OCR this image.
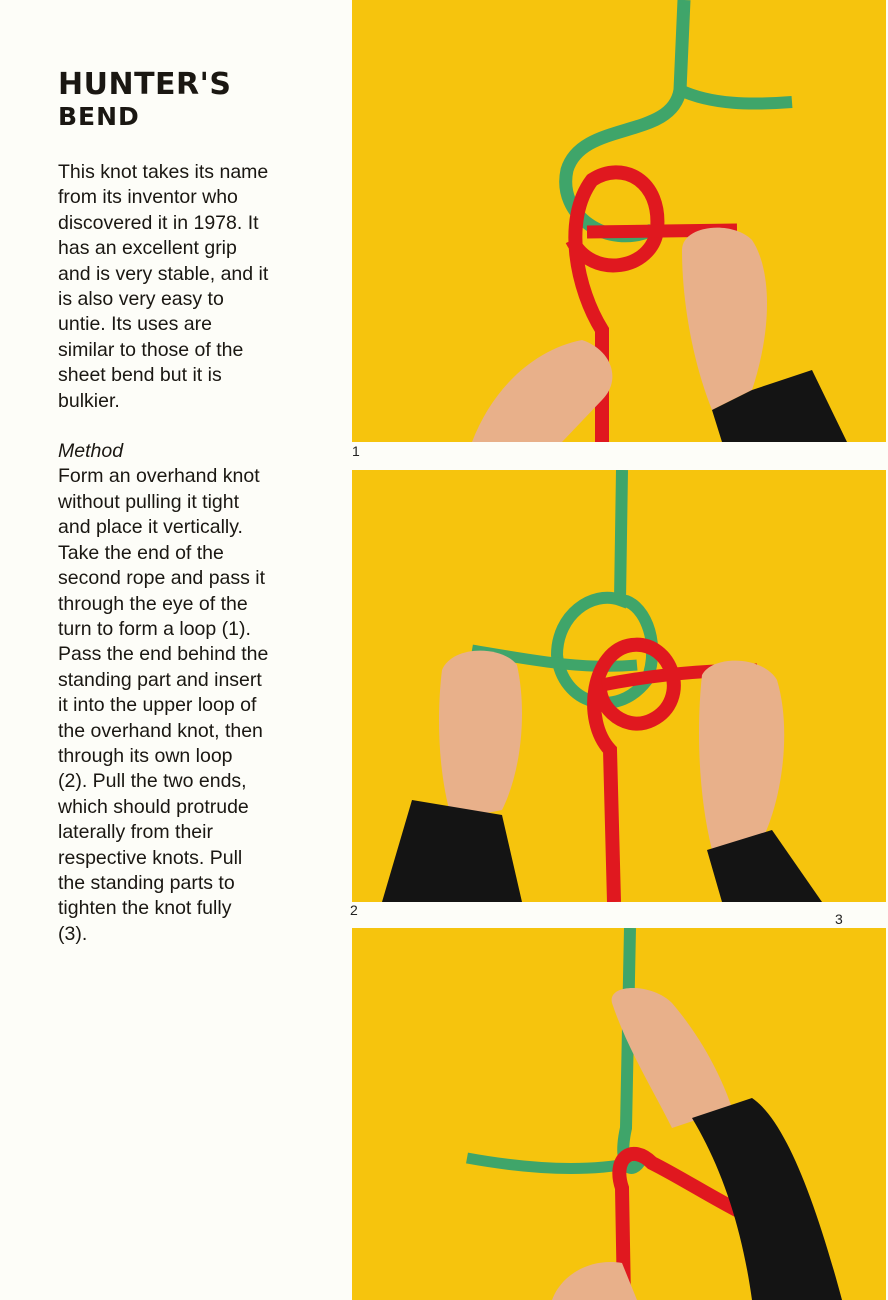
HUNTER'S
BEND
This knot takes its name
from its inventor who
discovered it in 1978. It
has an excellent grip
and is very stable, and it
is also very easy to
untie. Its uses are
similar to those of the
sheet bend but it is
bulkier.
Method
Form an overhand knot
without pulling it tight
and place it vertically.
Take the end of the
second rope and pass it
through the eye of the
turn to form a loop (1).
Pass the end behind the
standing part and insert
it into the upper loop of
the overhand knot, then
through its own loop
(2). Pull the two ends,
which should protrude
laterally from their
respective knots. Pull
the standing parts to
tighten the knot fully
(3).
1
2
3
